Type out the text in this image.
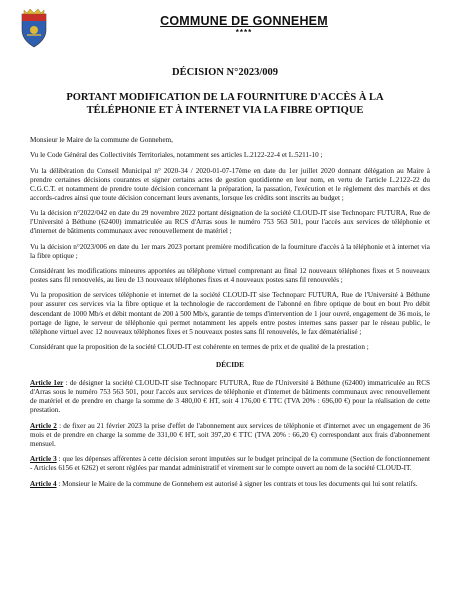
COMMUNE DE GONNEHEM
****
DÉCISION N°2023/009
PORTANT MODIFICATION DE LA FOURNITURE D'ACCÈS À LA TÉLÉPHONIE ET À INTERNET VIA LA FIBRE OPTIQUE

Monsieur le Maire de la commune de Gonnehem,

Vu le Code Général des Collectivités Territoriales, notamment ses articles L.2122-22-4 et L.5211-10 ;

Vu la délibération du Conseil Municipal n° 2020-34 / 2020-01-07-17ème en date du 1er juillet 2020 donnant délégation au Maire à prendre certaines décisions courantes et signer certains actes de gestion quotidienne en leur nom, en vertu de l'article L.2122-22 du C.G.C.T. et notamment de prendre toute décision concernant la préparation, la passation, l'exécution et le règlement des marchés et des accords-cadres ainsi que toute décision concernant leurs avenants, lorsque les crédits sont inscrits au budget ;

Vu la décision n°2022/042 en date du 29 novembre 2022 portant désignation de la société CLOUD-IT sise Technoparc FUTURA, Rue de l'Université à Béthune (62400) immatriculée au RCS d'Arras sous le numéro 753 563 501, pour l'accès aux services de téléphonie et d'internet de bâtiments communaux avec renouvellement de matériel ;

Vu la décision n°2023/006 en date du 1er mars 2023 portant première modification de la fourniture d'accès à la téléphonie et à internet via la fibre optique ;

Considérant les modifications mineures apportées au téléphone virtuel comprenant au final 12 nouveaux téléphones fixes et 5 nouveaux postes sans fil renouvelés, au lieu de 13 nouveaux téléphones fixes et 4 nouveaux postes sans fil renouvelés ;

Vu la proposition de services téléphonie et internet de la société CLOUD-IT sise Technoparc FUTURA, Rue de l'Université à Béthune pour assurer ces services via la fibre optique et la technologie de raccordement de l'abonné en fibre optique de bout en bout Pro débit descendant de 1000 Mb/s et débit montant de 200 à 500 Mb/s, garantie de temps d'intervention de 1 jour ouvré, engagement de 36 mois, le portage de ligne, le serveur de téléphonie qui permet notamment les appels entre postes internes sans passer par le réseau public, le téléphone virtuel avec 12 nouveaux téléphones fixes et 5 nouveaux postes sans fil renouvelés, le fax dématérialisé ;

Considérant que la proposition de la société CLOUD-IT est cohérente en termes de prix et de qualité de la prestation ;

DÉCIDE

Article 1er : de désigner la société CLOUD-IT sise Technoparc FUTURA, Rue de l'Université à Béthune (62400) immatriculée au RCS d'Arras sous le numéro 753 563 501, pour l'accès aux services de téléphonie et d'internet de bâtiments communaux avec renouvellement de matériel et de prendre en charge la somme de 3 480,00 € HT, soit 4 176,00 € TTC (TVA 20% : 696,00 €) pour la réalisation de cette prestation.

Article 2 : de fixer au 21 février 2023 la prise d'effet de l'abonnement aux services de téléphonie et d'internet avec un engagement de 36 mois et de prendre en charge la somme de 331,00 € HT, soit 397,20 € TTC (TVA 20% : 66,20 €) correspondant aux frais d'abonnement mensuel.

Article 3 : que les dépenses afférentes à cette décision seront imputées sur le budget principal de la commune (Section de fonctionnement - Articles 6156 et 6262) et seront réglées par mandat administratif et virement sur le compte ouvert au nom de la société CLOUD-IT.

Article 4 : Monsieur le Maire de la commune de Gonnehem est autorisé à signer les contrats et tous les documents qui lui sont relatifs.
